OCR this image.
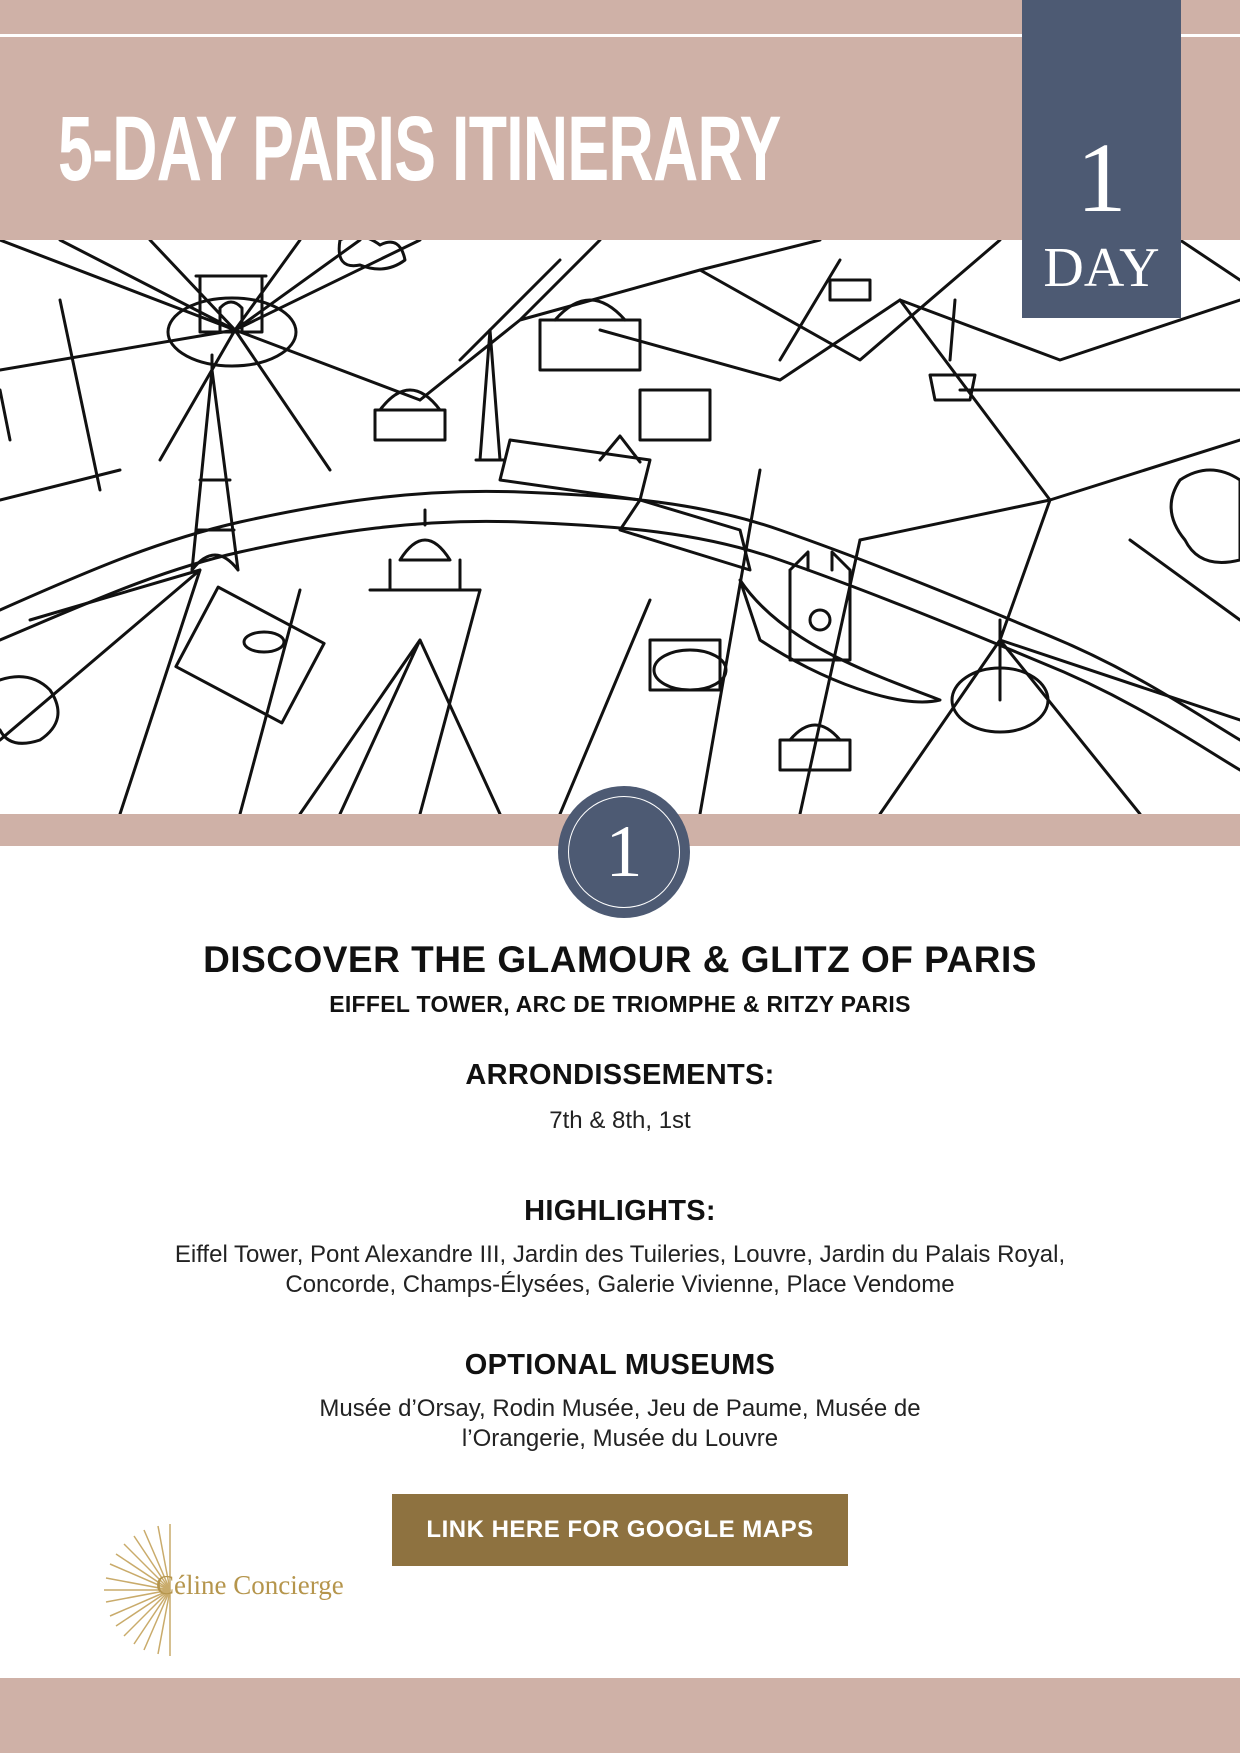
5-DAY PARIS ITINERARY	1
DAY
1
DISCOVER THE GLAMOUR & GLITZ OF PARIS
EIFFEL TOWER, ARC DE TRIOMPHE & RITZY PARIS
ARRONDISSEMENTS:
7th & 8th, 1st
HIGHLIGHTS:
Eiffel Tower, Pont Alexandre III, Jardin des Tuileries, Louvre, Jardin du Palais Royal,
Concorde, Champs-Élysées, Galerie Vivienne, Place Vendome
OPTIONAL MUSEUMS
Musée d’Orsay, Rodin Musée, Jeu de Paume, Musée de
l’Orangerie, Musée du Louvre
LINK HERE FOR GOOGLE MAPS
Céline Concierge
